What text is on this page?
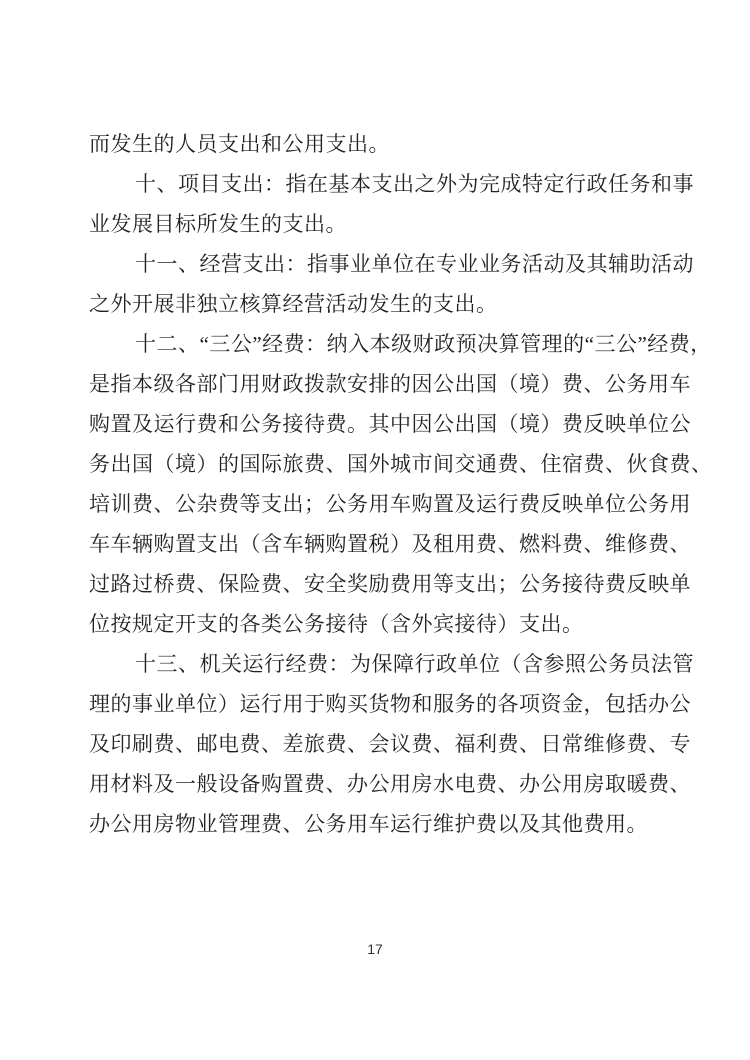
而发生的人员支出和公用支出。
十、项目支出：指在基本支出之外为完成特定行政任务和事
业发展目标所发生的支出。
十一、经营支出：指事业单位在专业业务活动及其辅助活动
之外开展非独立核算经营活动发生的支出。
十二、“三公”经费：纳入本级财政预决算管理的“三公”经费，
是指本级各部门用财政拨款安排的因公出国（境）费、公务用车
购置及运行费和公务接待费。其中因公出国（境）费反映单位公
务出国（境）的国际旅费、国外城市间交通费、住宿费、伙食费、
培训费、公杂费等支出；公务用车购置及运行费反映单位公务用
车车辆购置支出（含车辆购置税）及租用费、燃料费、维修费、
过路过桥费、保险费、安全奖励费用等支出；公务接待费反映单
位按规定开支的各类公务接待（含外宾接待）支出。
十三、机关运行经费：为保障行政单位（含参照公务员法管
理的事业单位）运行用于购买货物和服务的各项资金，包括办公
及印刷费、邮电费、差旅费、会议费、福利费、日常维修费、专
用材料及一般设备购置费、办公用房水电费、办公用房取暖费、
办公用房物业管理费、公务用车运行维护费以及其他费用。
17
